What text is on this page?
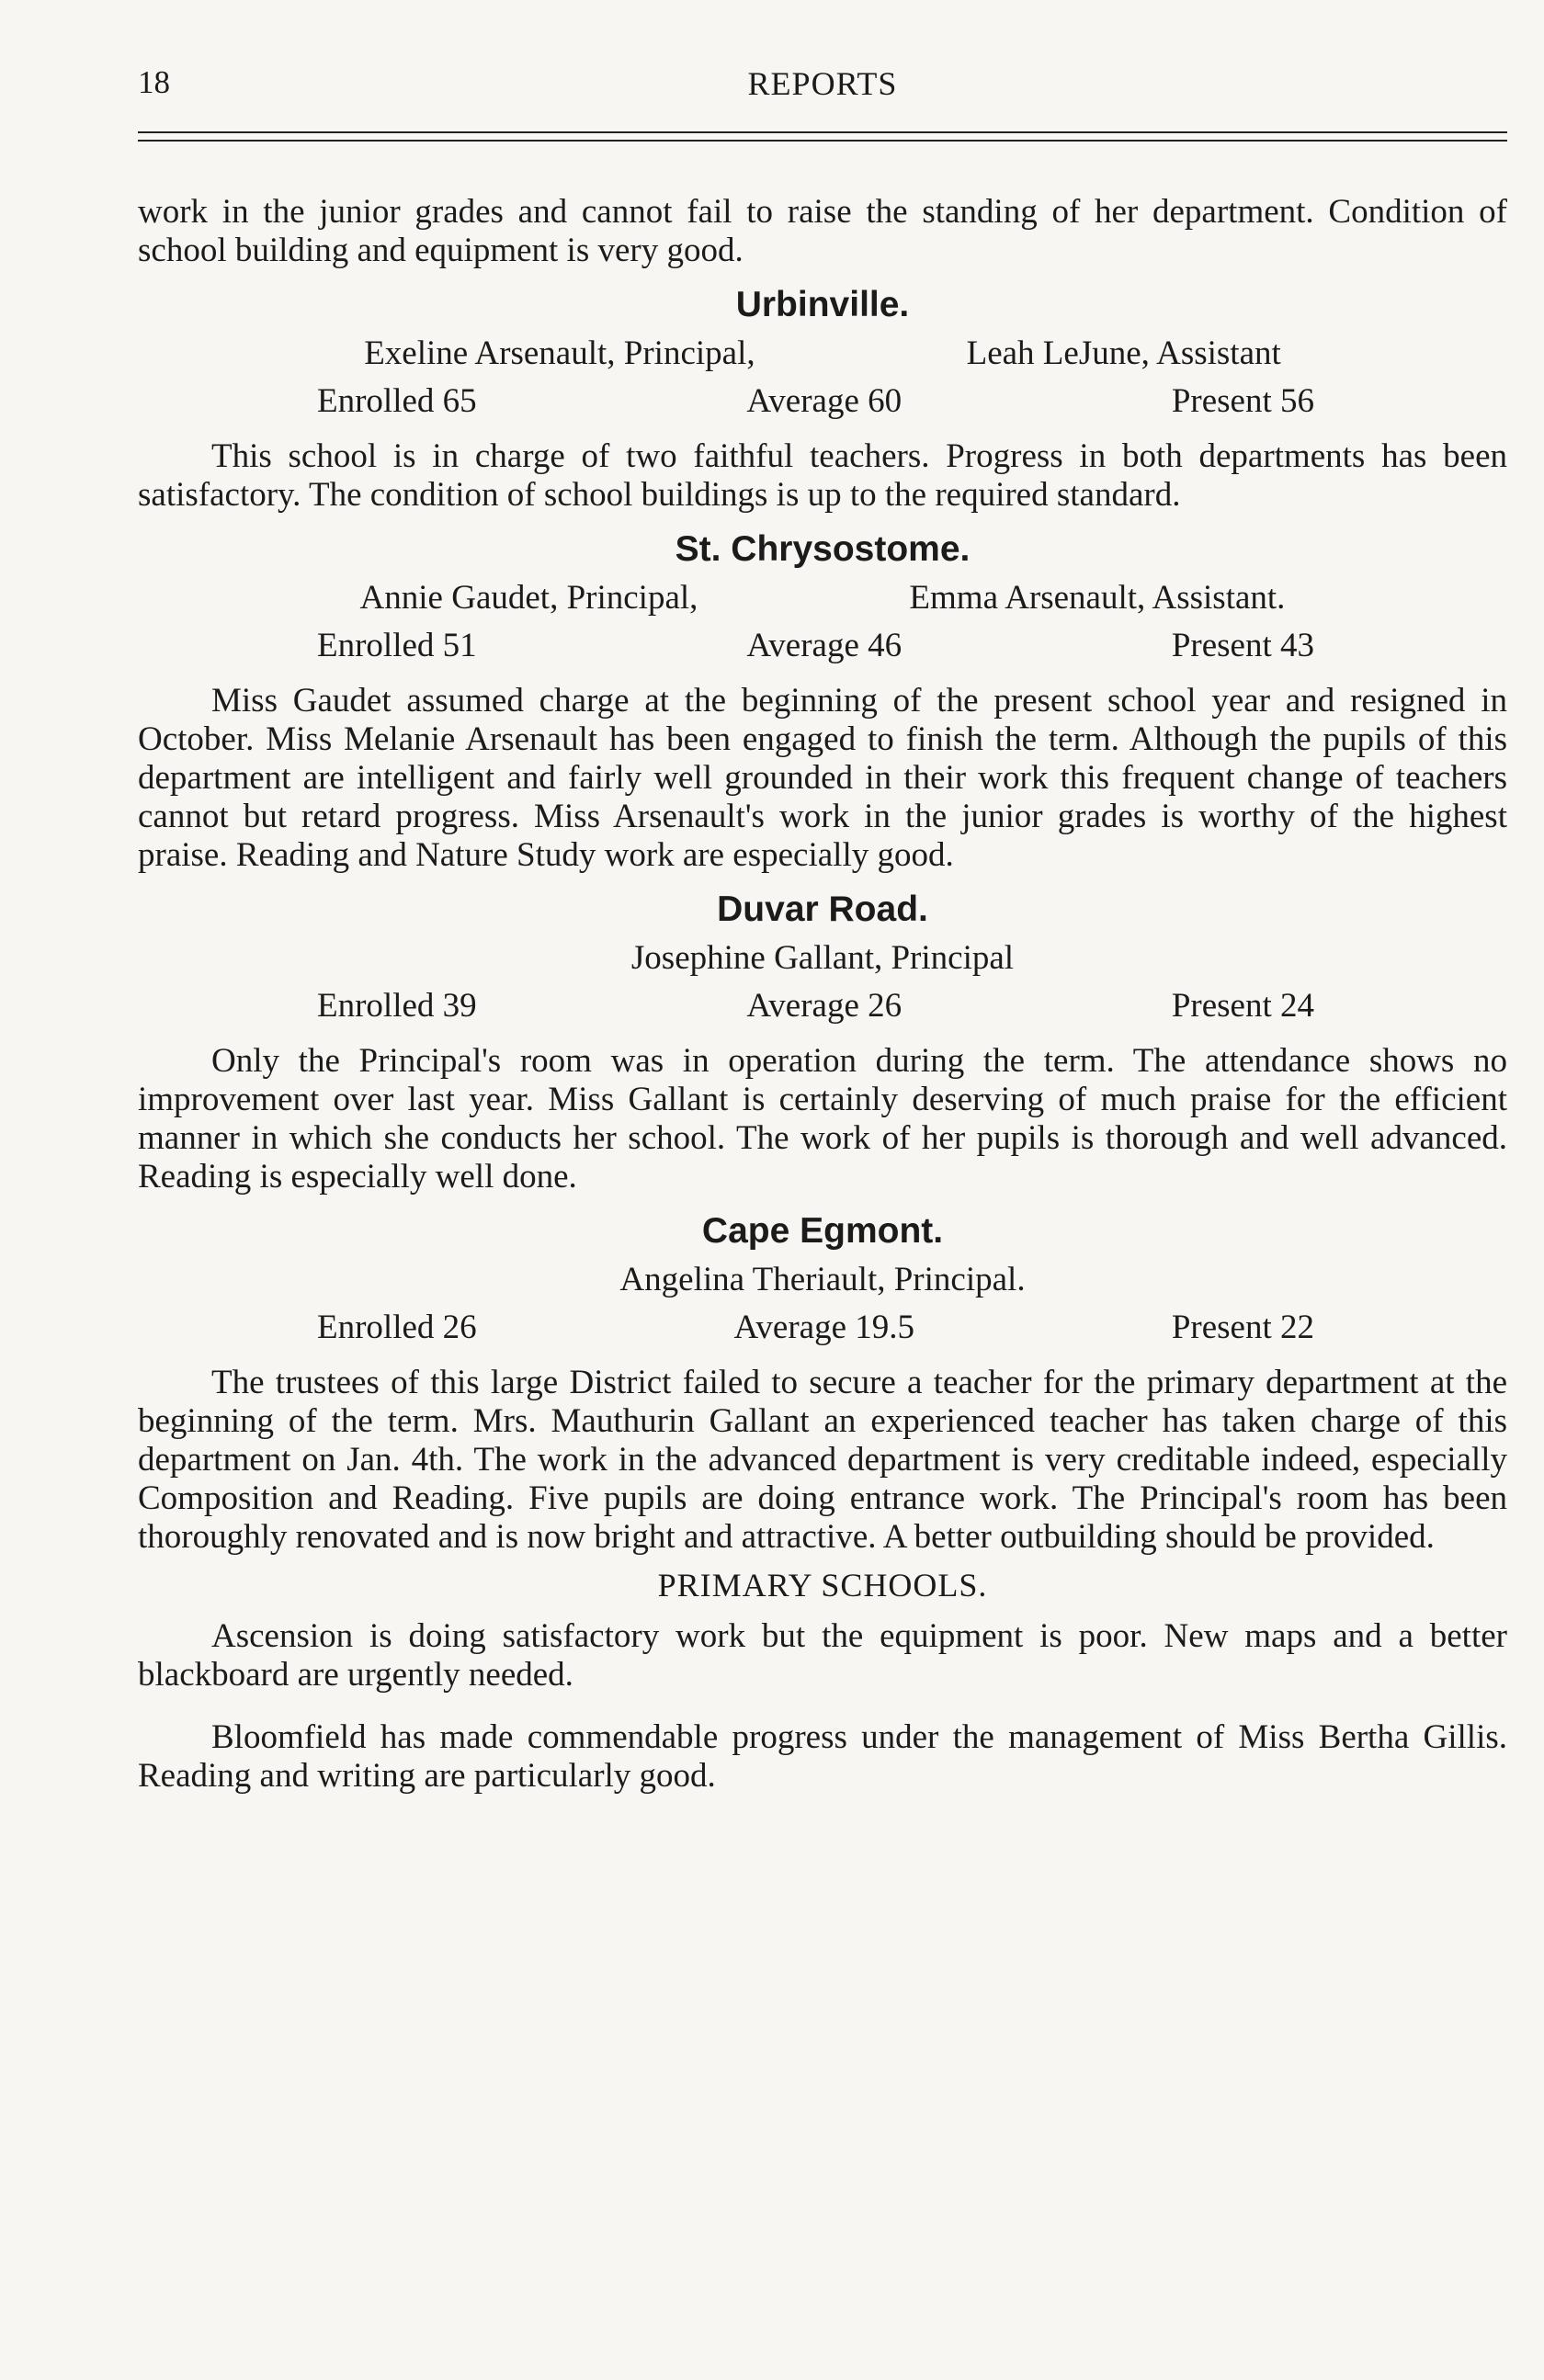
18	REPORTS

work in the junior grades and cannot fail to raise the standing of her department. Condition of school building and equipment is very good.

Urbinville.
Exeline Arsenault, Principal,	Leah LeJune, Assistant
Enrolled 65	Average 60	Present 56

This school is in charge of two faithful teachers. Progress in both departments has been satisfactory. The condition of school buildings is up to the required standard.

St. Chrysostome.
Annie Gaudet, Principal,	Emma Arsenault, Assistant.
Enrolled 51	Average 46	Present 43

Miss Gaudet assumed charge at the beginning of the present school year and resigned in October. Miss Melanie Arsenault has been engaged to finish the term. Although the pupils of this department are intelligent and fairly well grounded in their work this frequent change of teachers cannot but retard progress. Miss Arsenault's work in the junior grades is worthy of the highest praise. Reading and Nature Study work are especially good.

Duvar Road.
Josephine Gallant, Principal
Enrolled 39	Average 26	Present 24

Only the Principal's room was in operation during the term. The attendance shows no improvement over last year. Miss Gallant is certainly deserving of much praise for the efficient manner in which she conducts her school. The work of her pupils is thorough and well advanced. Reading is especially well done.

Cape Egmont.
Angelina Theriault, Principal.
Enrolled 26	Average 19.5	Present 22

The trustees of this large District failed to secure a teacher for the primary department at the beginning of the term. Mrs. Mauthurin Gallant an experienced teacher has taken charge of this department on Jan. 4th. The work in the advanced department is very creditable indeed, especially Composition and Reading. Five pupils are doing entrance work. The Principal's room has been thoroughly renovated and is now bright and attractive. A better outbuilding should be provided.

PRIMARY SCHOOLS.

Ascension is doing satisfactory work but the equipment is poor. New maps and a better blackboard are urgently needed.

Bloomfield has made commendable progress under the management of Miss Bertha Gillis. Reading and writing are particularly good.
